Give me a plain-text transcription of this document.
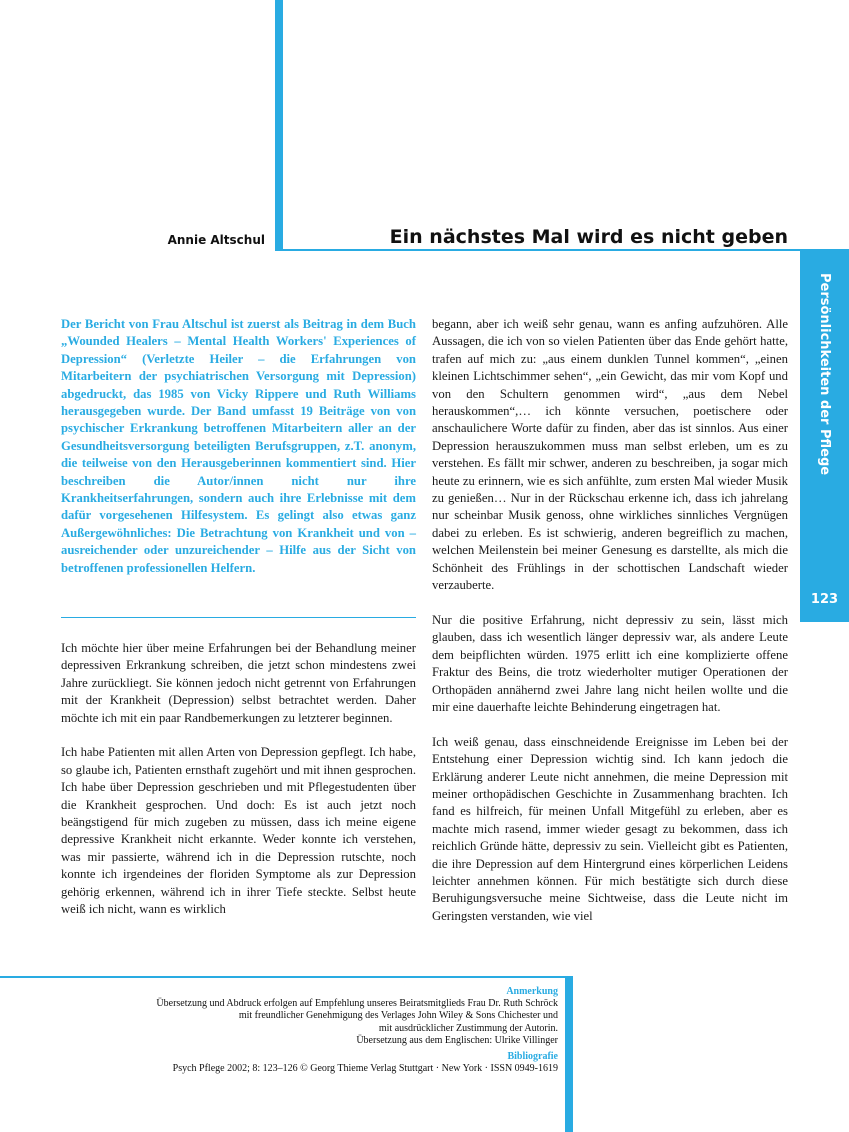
Annie Altschul	Ein nächstes Mal wird es nicht geben
Persönlichkeiten der Pflege
123
Der Bericht von Frau Altschul ist zuerst als Beitrag in dem Buch „Wounded Healers – Mental Health Workers' Experiences of Depression“ (Verletzte Heiler – die Erfahrungen von Mitarbeitern der psychiatrischen Versorgung mit Depression) abgedruckt, das 1985 von Vicky Rippere und Ruth Williams herausgegeben wurde. Der Band umfasst 19 Beiträge von von psychischer Erkrankung betroffenen Mitarbeitern aller an der Gesundheitsversorgung beteiligten Berufsgruppen, z.T. anonym, die teilweise von den Herausgeberinnen kommentiert sind. Hier beschreiben die Autor/innen nicht nur ihre Krankheitserfahrungen, sondern auch ihre Erlebnisse mit dem dafür vorgesehenen Hilfesystem. Es gelingt also etwas ganz Außergewöhnliches: Die Betrachtung von Krankheit und von – ausreichender oder unzureichender – Hilfe aus der Sicht von betroffenen professionellen Helfern.

Ich möchte hier über meine Erfahrungen bei der Behandlung meiner depressiven Erkrankung schreiben, die jetzt schon mindestens zwei Jahre zurückliegt. Sie können jedoch nicht getrennt von Erfahrungen mit der Krankheit (Depression) selbst betrachtet werden. Daher möchte ich mit ein paar Randbemerkungen zu letzterer beginnen.

Ich habe Patienten mit allen Arten von Depression gepflegt. Ich habe, so glaube ich, Patienten ernsthaft zugehört und mit ihnen gesprochen. Ich habe über Depression geschrieben und mit Pflegestudenten über die Krankheit gesprochen. Und doch: Es ist auch jetzt noch beängstigend für mich zugeben zu müssen, dass ich meine eigene depressive Krankheit nicht erkannte. Weder konnte ich verstehen, was mir passierte, während ich in die Depression rutschte, noch konnte ich irgendeines der floriden Symptome als zur Depression gehörig erkennen, während ich in ihrer Tiefe steckte. Selbst heute weiß ich nicht, wann es wirklich

begann, aber ich weiß sehr genau, wann es anfing aufzuhören. Alle Aussagen, die ich von so vielen Patienten über das Ende gehört hatte, trafen auf mich zu: „aus einem dunklen Tunnel kommen“, „einen kleinen Lichtschimmer sehen“, „ein Gewicht, das mir vom Kopf und von den Schultern genommen wird“, „aus dem Nebel herauskommen“,… ich könnte versuchen, poetischere oder anschaulichere Worte dafür zu finden, aber das ist sinnlos. Aus einer Depression herauszukommen muss man selbst erleben, um es zu verstehen. Es fällt mir schwer, anderen zu beschreiben, ja sogar mich heute zu erinnern, wie es sich anfühlte, zum ersten Mal wieder Musik zu genießen… Nur in der Rückschau erkenne ich, dass ich jahrelang nur scheinbar Musik genoss, ohne wirkliches sinnliches Vergnügen dabei zu erleben. Es ist schwierig, anderen begreiflich zu machen, welchen Meilenstein bei meiner Genesung es darstellte, als mich die Schönheit des Frühlings in der schottischen Landschaft wieder verzauberte.

Nur die positive Erfahrung, nicht depressiv zu sein, lässt mich glauben, dass ich wesentlich länger depressiv war, als andere Leute dem beipflichten würden. 1975 erlitt ich eine komplizierte offene Fraktur des Beins, die trotz wiederholter mutiger Operationen der Orthopäden annähernd zwei Jahre lang nicht heilen wollte und die mir eine dauerhafte leichte Behinderung eingetragen hat.

Ich weiß genau, dass einschneidende Ereignisse im Leben bei der Entstehung einer Depression wichtig sind. Ich kann jedoch die Erklärung anderer Leute nicht annehmen, die meine Depression mit meiner orthopädischen Geschichte in Zusammenhang brachten. Ich fand es hilfreich, für meinen Unfall Mitgefühl zu erleben, aber es machte mich rasend, immer wieder gesagt zu bekommen, dass ich reichlich Gründe hätte, depressiv zu sein. Vielleicht gibt es Patienten, die ihre Depression auf dem Hintergrund eines körperlichen Leidens leichter annehmen können. Für mich bestätigte sich durch diese Beruhigungsversuche meine Sichtweise, dass die Leute nicht im Geringsten verstanden, wie viel

Anmerkung
Übersetzung und Abdruck erfolgen auf Empfehlung unseres Beiratsmitglieds Frau Dr. Ruth Schröck
mit freundlicher Genehmigung des Verlages John Wiley & Sons Chichester und
mit ausdrücklicher Zustimmung der Autorin.
Übersetzung aus dem Englischen: Ulrike Villinger
Bibliografie
Psych Pflege 2002; 8: 123–126 © Georg Thieme Verlag Stuttgart · New York · ISSN 0949-1619
